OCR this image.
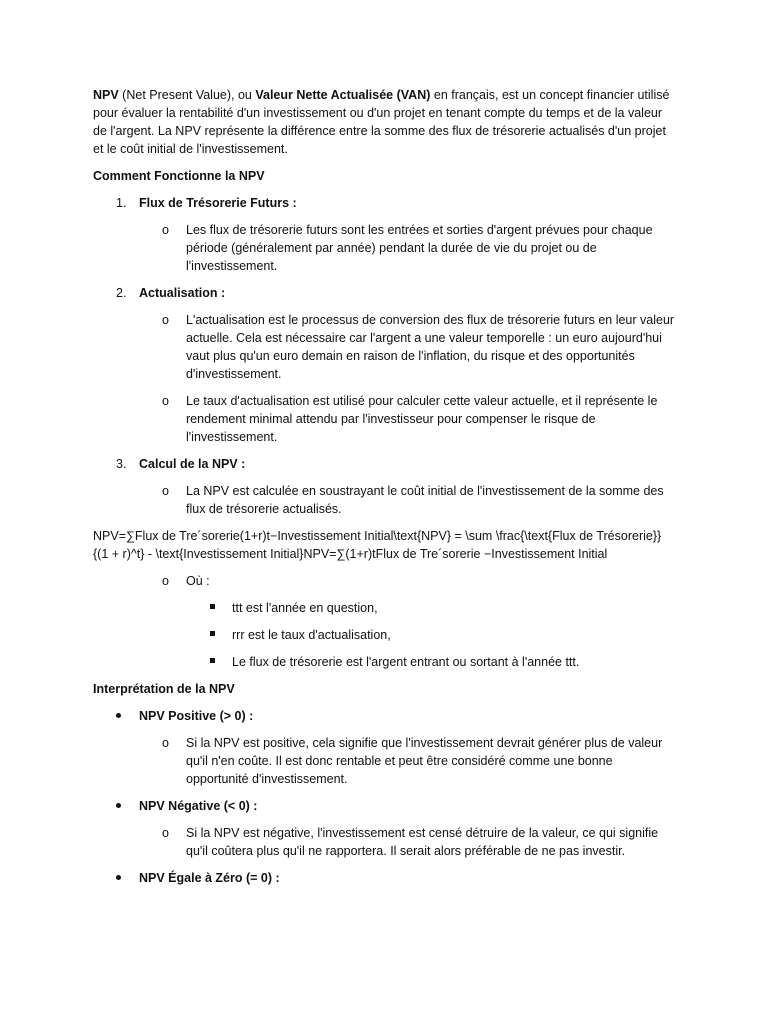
NPV (Net Present Value), ou Valeur Nette Actualisée (VAN) en français, est un concept financier utilisé pour évaluer la rentabilité d'un investissement ou d'un projet en tenant compte du temps et de la valeur de l'argent. La NPV représente la différence entre la somme des flux de trésorerie actualisés d'un projet et le coût initial de l'investissement.

Comment Fonctionne la NPV

1. Flux de Trésorerie Futurs :
o Les flux de trésorerie futurs sont les entrées et sorties d'argent prévues pour chaque période (généralement par année) pendant la durée de vie du projet ou de l'investissement.
2. Actualisation :
o L'actualisation est le processus de conversion des flux de trésorerie futurs en leur valeur actuelle. Cela est nécessaire car l'argent a une valeur temporelle : un euro aujourd'hui vaut plus qu'un euro demain en raison de l'inflation, du risque et des opportunités d'investissement.
o Le taux d'actualisation est utilisé pour calculer cette valeur actuelle, et il représente le rendement minimal attendu par l'investisseur pour compenser le risque de l'investissement.
3. Calcul de la NPV :
o La NPV est calculée en soustrayant le coût initial de l'investissement de la somme des flux de trésorerie actualisés.

NPV=∑Flux de Tre´sorerie(1+r)t−Investissement Initial\text{NPV} = \sum \frac{\text{Flux de Trésorerie}}{(1 + r)^t} - \text{Investissement Initial}NPV=∑(1+r)tFlux de Tre´sorerie −Investissement Initial

o Où :
ttt est l'année en question,
rrr est le taux d'actualisation,
Le flux de trésorerie est l'argent entrant ou sortant à l'année ttt.

Interprétation de la NPV

NPV Positive (> 0) :
o Si la NPV est positive, cela signifie que l'investissement devrait générer plus de valeur qu'il n'en coûte. Il est donc rentable et peut être considéré comme une bonne opportunité d'investissement.
NPV Négative (< 0) :
o Si la NPV est négative, l'investissement est censé détruire de la valeur, ce qui signifie qu'il coûtera plus qu'il ne rapportera. Il serait alors préférable de ne pas investir.
NPV Égale à Zéro (= 0) :
